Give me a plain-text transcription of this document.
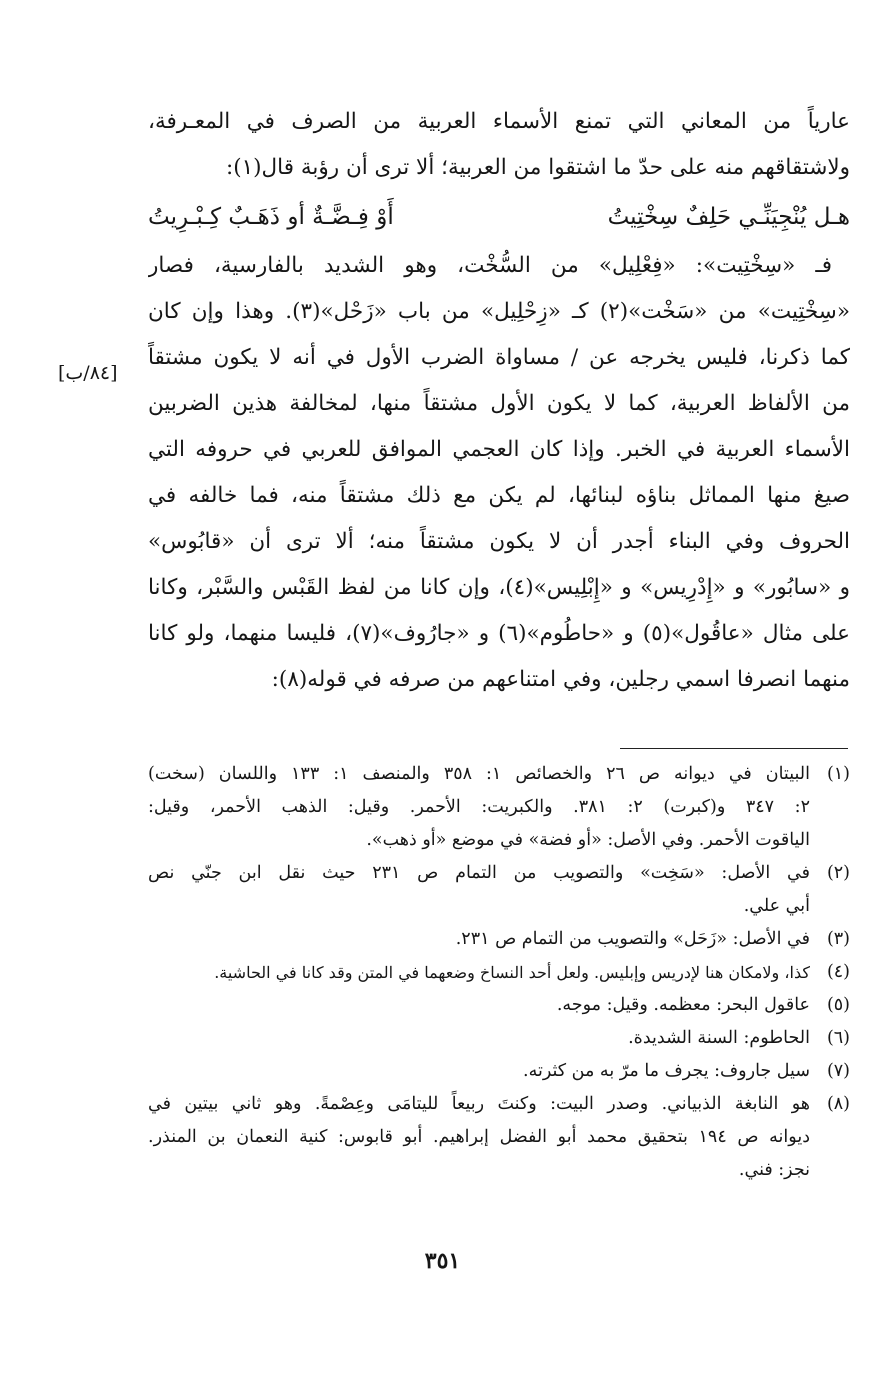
عارياً من المعاني التي تمنع الأسماء العربية من الصرف في المعـرفة،
ولاشتقاقهم منه على حدّ ما اشتقوا من العربية؛ ألا ترى أن رؤبة قال(١):
هـل يُنْجِيَنِّـي حَلِفٌ سِخْتِيتُ
أَوْ فِـضَّـةٌ أو ذَهَـبٌ كِـبْـرِيتُ
فـ «سِخْتِيت»: «فِعْلِيل» من السُّخْت، وهو الشديد بالفارسية، فصار
«سِخْتِيت» من «سَخْت»(٢) كـ «زِحْلِيل» من باب «زَحْل»(٣). وهذا وإن كان
كما ذكرنا، فليس يخرجه عن / مساواة الضرب الأول في أنه لا يكون مشتقاً
من الألفاظ العربية، كما لا يكون الأول مشتقاً منها، لمخالفة هذين الضربين
الأسماء العربية في الخبر. وإذا كان العجمي الموافق للعربي في حروفه التي
صيغ منها المماثل بناؤه لبنائها، لم يكن مع ذلك مشتقاً منه، فما خالفه في
الحروف وفي البناء أجدر أن لا يكون مشتقاً منه؛ ألا ترى أن «قابُوس»
و «سابُور» و «إِدْرِيس» و «إِبْلِيس»(٤)، وإن كانا من لفظ القَبْس والسَّبْر، وكانا
على مثال «عاقُول»(٥) و «حاطُوم»(٦) و «جارُوف»(٧)، فليسا منهما، ولو كانا
منهما انصرفا اسمي رجلين، وفي امتناعهم من صرفه في قوله(٨):
[٨٤/ب]
(١)
البيتان في ديوانه ص ٢٦ والخصائص ١: ٣٥٨ والمنصف ١: ١٣٣ واللسان (سخت)
٢: ٣٤٧ و(كبرت) ٢: ٣٨١. والكبريت: الأحمر. وقيل: الذهب الأحمر، وقيل:
الياقوت الأحمر. وفي الأصل: «أو فضة» في موضع «أو ذهب».
(٢)
في الأصل: «سَخِت» والتصويب من التمام ص ٢٣١ حيث نقل ابن جنّي نص
أبي علي.
(٣)
في الأصل: «زَحَل» والتصويب من التمام ص ٢٣١.
(٤)
كذا، ولامكان هنا لإدريس وإبليس. ولعل أحد النساخ وضعهما في المتن وقد كانا في الحاشية.
(٥)
عاقول البحر: معظمه. وقيل: موجه.
(٦)
الحاطوم: السنة الشديدة.
(٧)
سيل جاروف: يجرف ما مرّ به من كثرته.
(٨)
هو النابغة الذبياني. وصدر البيت: وكنتَ ربيعاً لليتامَى وعِصْمةً. وهو ثاني بيتين في
ديوانه ص ١٩٤ بتحقيق محمد أبو الفضل إبراهيم. أبو قابوس: كنية النعمان بن المنذر.
نجز: فني.
٣٥١
